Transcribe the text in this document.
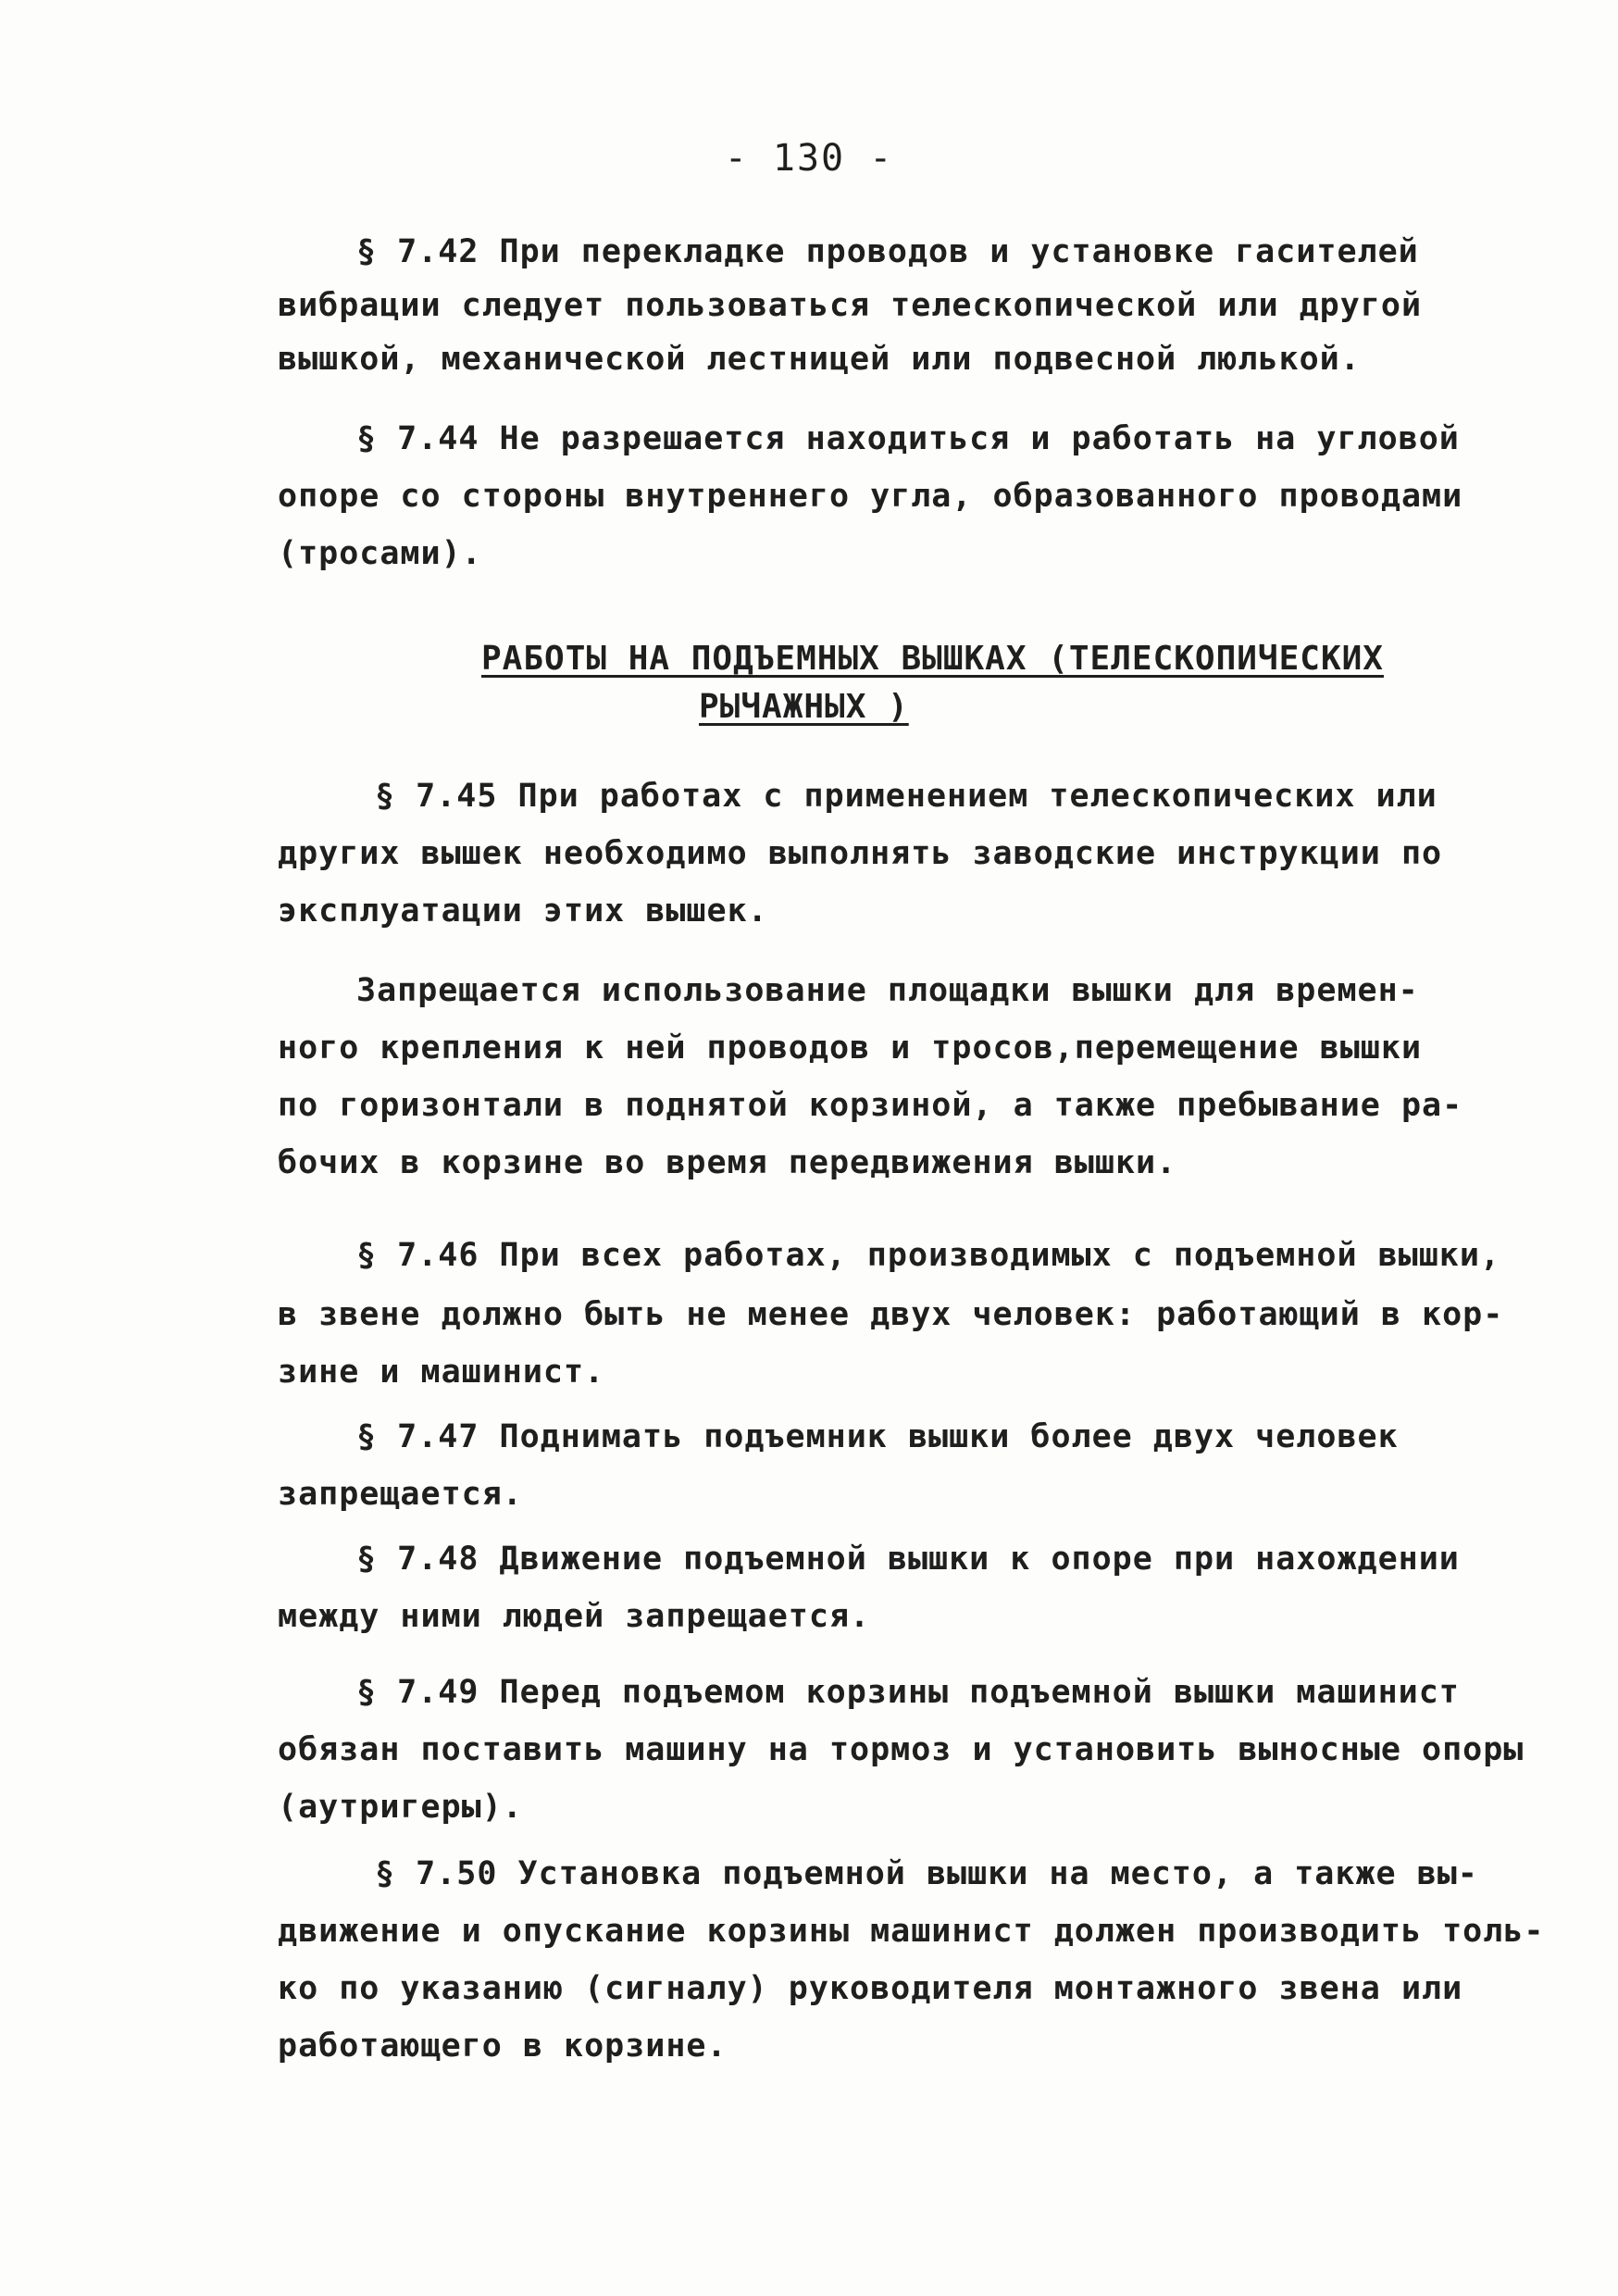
- 130 -
§ 7.42 При перекладке проводов и установке гасителей
вибрации следует пользоваться телескопической или другой
вышкой, механической лестницей или подвесной люлькой.
§ 7.44 Не разрешается находиться и работать на угловой
опоре со стороны внутреннего угла, образованного проводами
(тросами).
РАБОТЫ НА ПОДЪЕМНЫХ ВЫШКАХ (ТЕЛЕСКОПИЧЕСКИХ
РЫЧАЖНЫХ )
§ 7.45 При работах с применением телескопических или
других вышек необходимо выполнять заводские инструкции по
эксплуатации этих вышек.
Запрещается использование площадки вышки для времен-
ного крепления к ней проводов и тросов,перемещение вышки
по горизонтали в поднятой корзиной, а также пребывание ра-
бочих в корзине во время передвижения вышки.
§ 7.46 При всех работах, производимых с подъемной вышки,
в звене должно быть не менее двух человек: работающий в кор-
зине и машинист.
§ 7.47 Поднимать подъемник вышки более двух человек
запрещается.
§ 7.48 Движение подъемной вышки к опоре при нахождении
между ними людей запрещается.
§ 7.49 Перед подъемом корзины подъемной вышки машинист
обязан поставить машину на тормоз и установить выносные опоры
(аутригеры).
§ 7.50 Установка подъемной вышки на место, а также вы-
движение и опускание корзины машинист должен производить толь-
ко по указанию (сигналу) руководителя монтажного звена или
работающего в корзине.
